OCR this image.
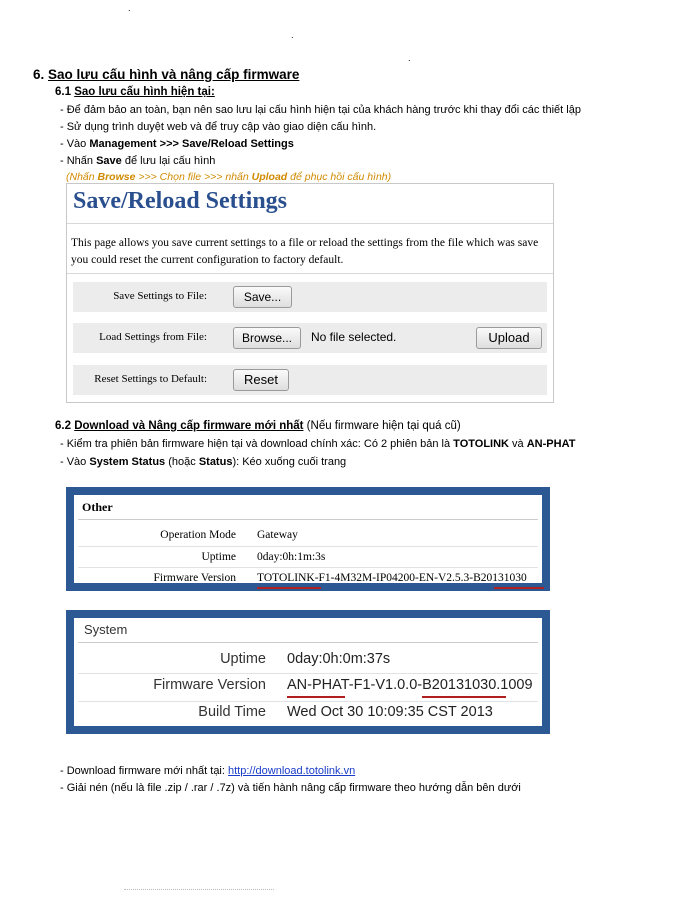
.
.
.
6. Sao lưu cấu hình và nâng cấp firmware
6.1 Sao lưu cấu hình hiện tại:
- Để đảm bảo an toàn, bạn nên sao lưu lại cấu hình hiện tại của khách hàng trước khi thay đổi các thiết lập
- Sử dụng trình duyệt web và để truy cập vào giao diện cấu hình.
- Vào Management >>> Save/Reload Settings
- Nhấn Save để lưu lại cấu hình
(Nhấn Browse >>> Chọn file >>> nhấn Upload để phục hồi cấu hình)
Save/Reload Settings
This page allows you save current settings to a file or reload the settings from the file which was save
you could reset the current configuration to factory default.
Save Settings to File:	Save...
Load Settings from File:	Browse...	No file selected.	Upload
Reset Settings to Default:	Reset
6.2 Download và Nâng cấp firmware mới nhất (Nếu firmware hiện tại quá cũ)
- Kiểm tra phiên bản firmware hiện tại và download chính xác: Có 2 phiên bản là TOTOLINK và AN-PHAT
- Vào System Status (hoặc Status): Kéo xuống cuối trang
Other
Operation Mode Gateway
Uptime 0day:0h:1m:3s
Firmware Version TOTOLINK-F1-4M32M-IP04200-EN-V2.5.3-B20131030
System
Uptime 0day:0h:0m:37s
Firmware Version AN-PHAT-F1-V1.0.0-B20131030.1009
Build Time Wed Oct 30 10:09:35 CST 2013
- Download firmware mới nhất tại: http://download.totolink.vn
- Giải nén (nếu là file .zip / .rar / .7z) và tiến hành nâng cấp firmware theo hướng dẫn bên dưới
